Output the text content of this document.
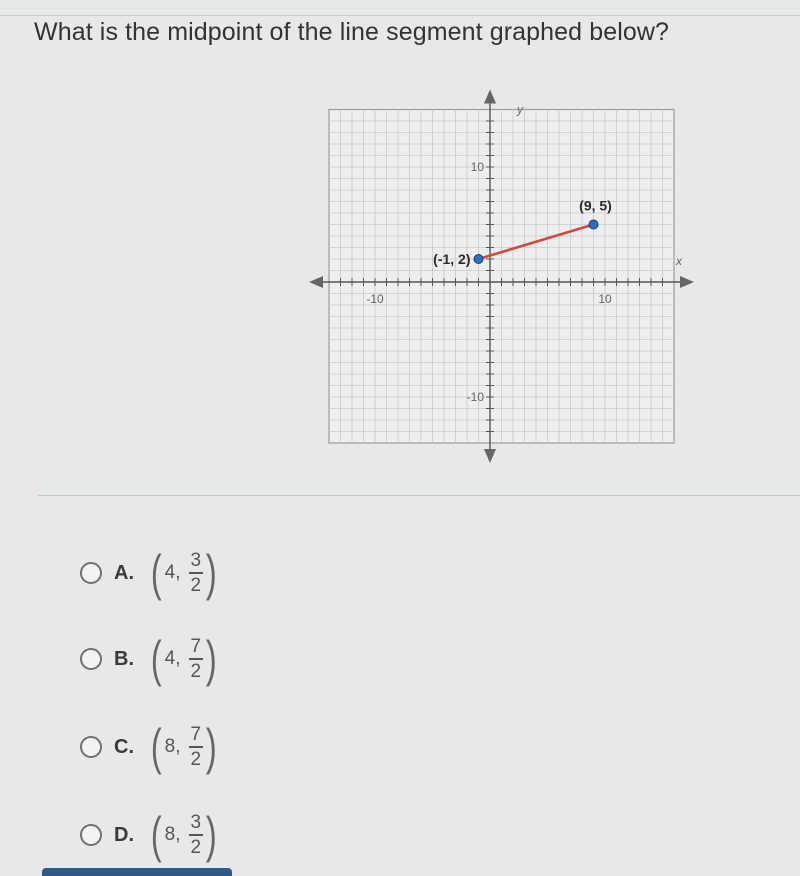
What is the midpoint of the line segment graphed below?
x
y
-10	10
10
-10
(-1, 2)
(9, 5)
A. ( 4, $\frac{3}{2}$ )
B. ( 4, $\frac{7}{2}$ )
C. ( 8, $\frac{7}{2}$ )
D. ( 8, $\frac{3}{2}$ )
